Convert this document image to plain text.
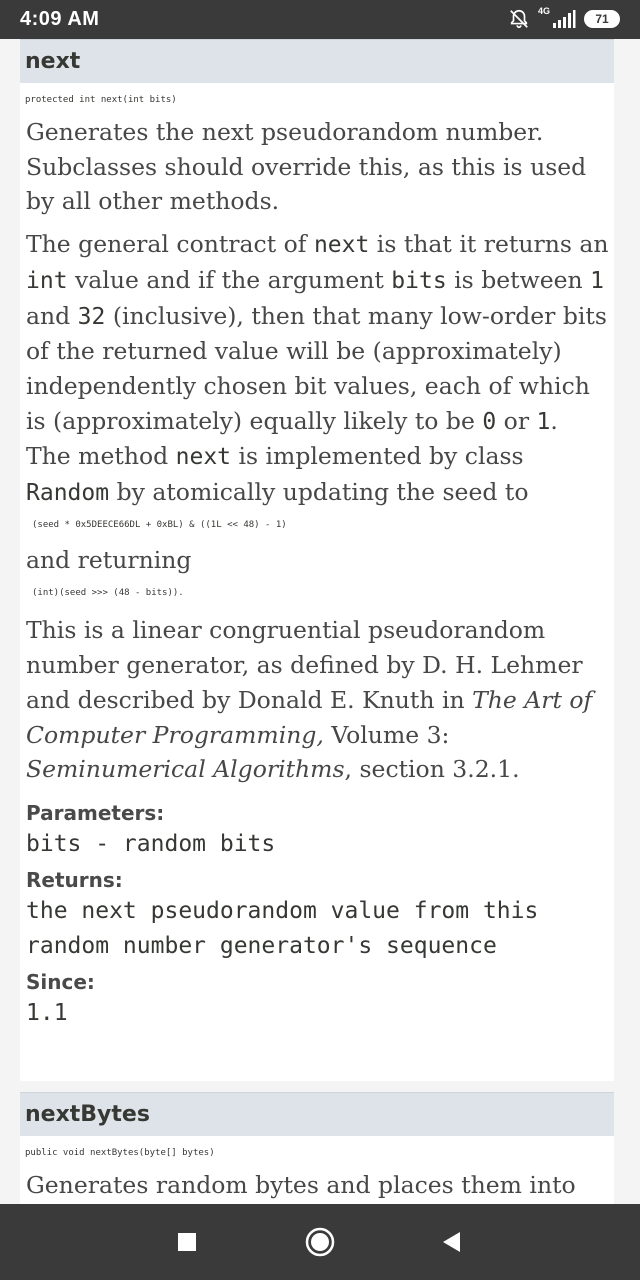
4:09 AM	4G
71
next
protected int next(int bits)

Generates the next pseudorandom number. Subclasses should override this, as this is used by all other methods.

The general contract of next is that it returns an int value and if the argument bits is between 1 and 32 (inclusive), then that many low-order bits of the returned value will be (approximately) independently chosen bit values, each of which is (approximately) equally likely to be 0 or 1. The method next is implemented by class Random by atomically updating the seed to

(seed * 0x5DEECE66DL + 0xBL) & ((1L << 48) - 1)

and returning

(int)(seed >>> (48 - bits)).

This is a linear congruential pseudorandom number generator, as defined by D. H. Lehmer and described by Donald E. Knuth in The Art of Computer Programming, Volume 3: Seminumerical Algorithms, section 3.2.1.

Parameters:
bits - random bits
Returns:
the next pseudorandom value from this random number generator's sequence
Since:
1.1
nextBytes
public void nextBytes(byte[] bytes)

Generates random bytes and places them into
